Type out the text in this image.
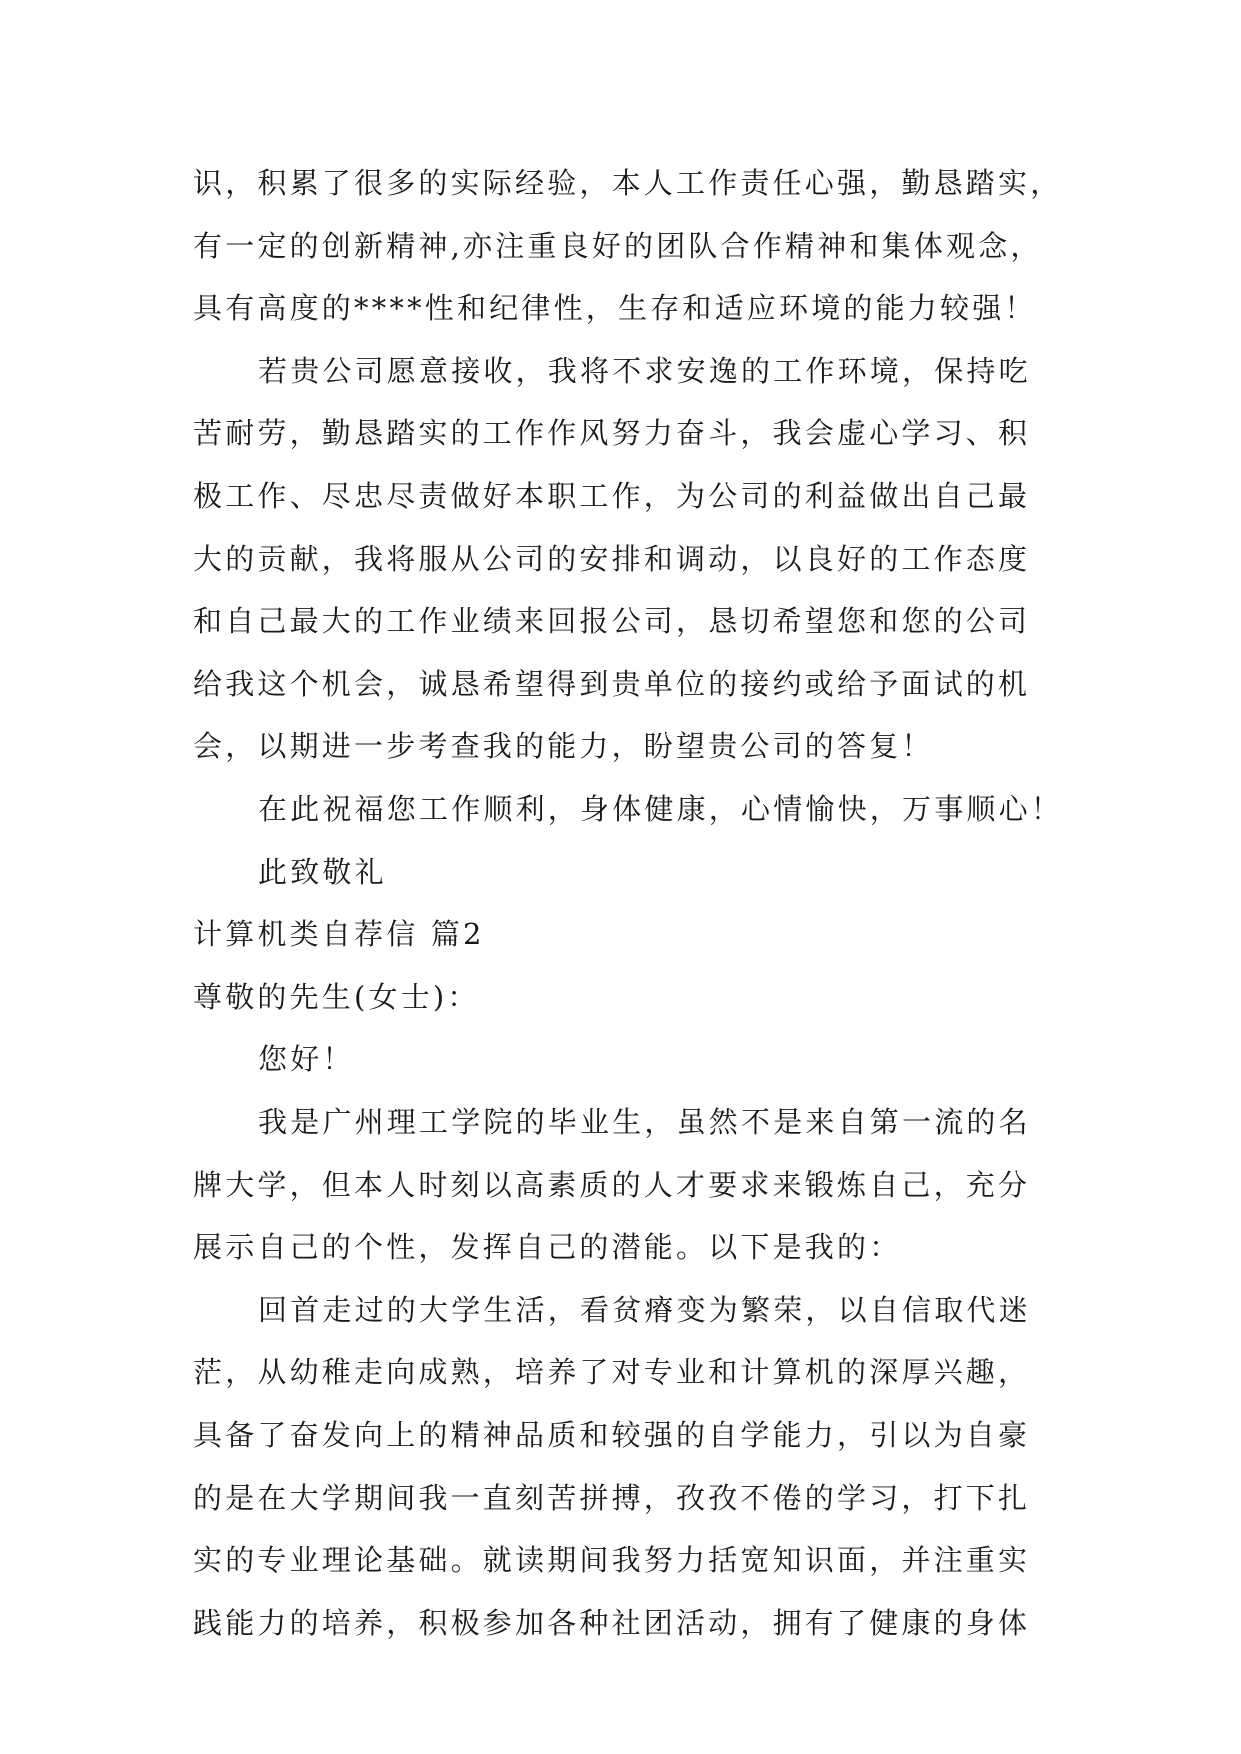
识，积累了很多的实际经验，本人工作责任心强，勤恳踏实，
有一定的创新精神,亦注重良好的团队合作精神和集体观念，
具有高度的****性和纪律性，生存和适应环境的能力较强！
若贵公司愿意接收，我将不求安逸的工作环境，保持吃
苦耐劳，勤恳踏实的工作作风努力奋斗，我会虚心学习、积
极工作、尽忠尽责做好本职工作，为公司的利益做出自己最
大的贡献，我将服从公司的安排和调动，以良好的工作态度
和自己最大的工作业绩来回报公司，恳切希望您和您的公司
给我这个机会，诚恳希望得到贵单位的接约或给予面试的机
会，以期进一步考查我的能力，盼望贵公司的答复！
在此祝福您工作顺利，身体健康，心情愉快，万事顺心！
此致敬礼
计算机类自荐信 篇2
尊敬的先生(女士)：
您好！
我是广州理工学院的毕业生，虽然不是来自第一流的名
牌大学，但本人时刻以高素质的人才要求来锻炼自己，充分
展示自己的个性，发挥自己的潜能。以下是我的：
回首走过的大学生活，看贫瘠变为繁荣，以自信取代迷
茫，从幼稚走向成熟，培养了对专业和计算机的深厚兴趣，
具备了奋发向上的精神品质和较强的自学能力，引以为自豪
的是在大学期间我一直刻苦拼搏，孜孜不倦的学习，打下扎
实的专业理论基础。就读期间我努力括宽知识面，并注重实
践能力的培养，积极参加各种社团活动，拥有了健康的身体
